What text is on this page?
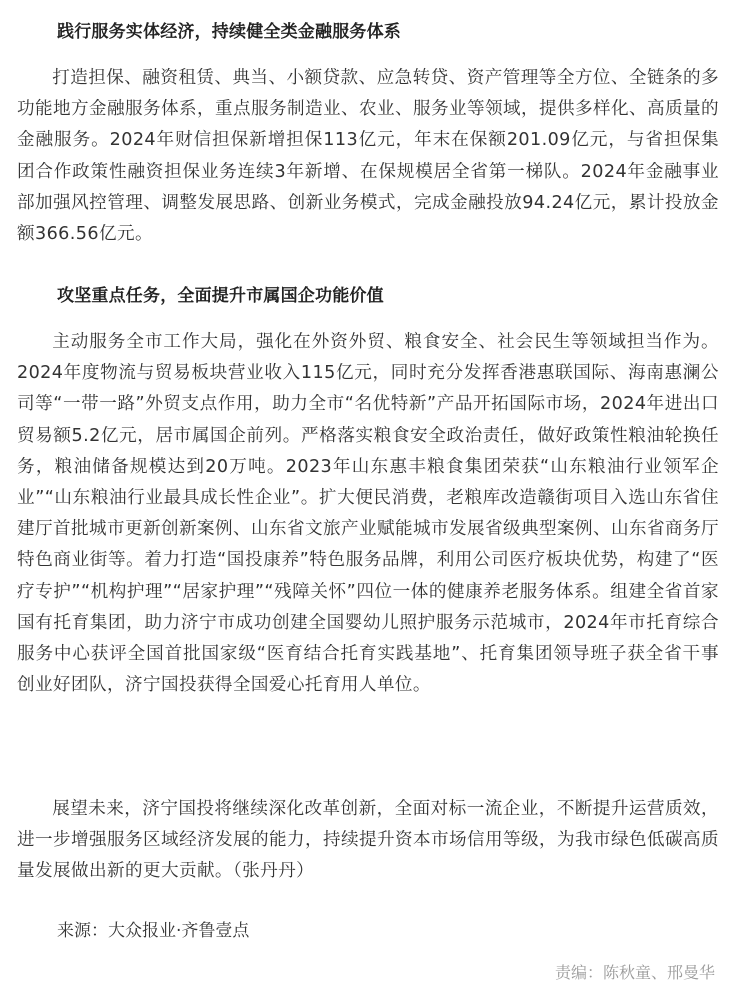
践行服务实体经济，持续健全类金融服务体系

打造担保、融资租赁、典当、小额贷款、应急转贷、资产管理等全方位、全链条的多功能地方金融服务体系，重点服务制造业、农业、服务业等领域，提供多样化、高质量的金融服务。2024年财信担保新增担保113亿元，年末在保额201.09亿元，与省担保集团合作政策性融资担保业务连续3年新增、在保规模居全省第一梯队。2024年金融事业部加强风控管理、调整发展思路、创新业务模式，完成金融投放94.24亿元，累计投放金额366.56亿元。

攻坚重点任务，全面提升市属国企功能价值

主动服务全市工作大局，强化在外资外贸、粮食安全、社会民生等领域担当作为。2024年度物流与贸易板块营业收入115亿元，同时充分发挥香港惠联国际、海南惠澜公司等“一带一路”外贸支点作用，助力全市“名优特新”产品开拓国际市场，2024年进出口贸易额5.2亿元，居市属国企前列。严格落实粮食安全政治责任，做好政策性粮油轮换任务，粮油储备规模达到20万吨。2023年山东惠丰粮食集团荣获“山东粮油行业领军企业”“山东粮油行业最具成长性企业”。扩大便民消费，老粮库改造赣街项目入选山东省住建厅首批城市更新创新案例、山东省文旅产业赋能城市发展省级典型案例、山东省商务厅特色商业街等。着力打造“国投康养”特色服务品牌，利用公司医疗板块优势，构建了“医疗专护”“机构护理”“居家护理”“残障关怀”四位一体的健康养老服务体系。组建全省首家国有托育集团，助力济宁市成功创建全国婴幼儿照护服务示范城市，2024年市托育综合服务中心获评全国首批国家级“医育结合托育实践基地”、托育集团领导班子获全省干事创业好团队，济宁国投获得全国爱心托育用人单位。

展望未来，济宁国投将继续深化改革创新，全面对标一流企业，不断提升运营质效，进一步增强服务区域经济发展的能力，持续提升资本市场信用等级，为我市绿色低碳高质量发展做出新的更大贡献。（张丹丹）

来源：大众报业·齐鲁壹点
责编：陈秋童、邢曼华
